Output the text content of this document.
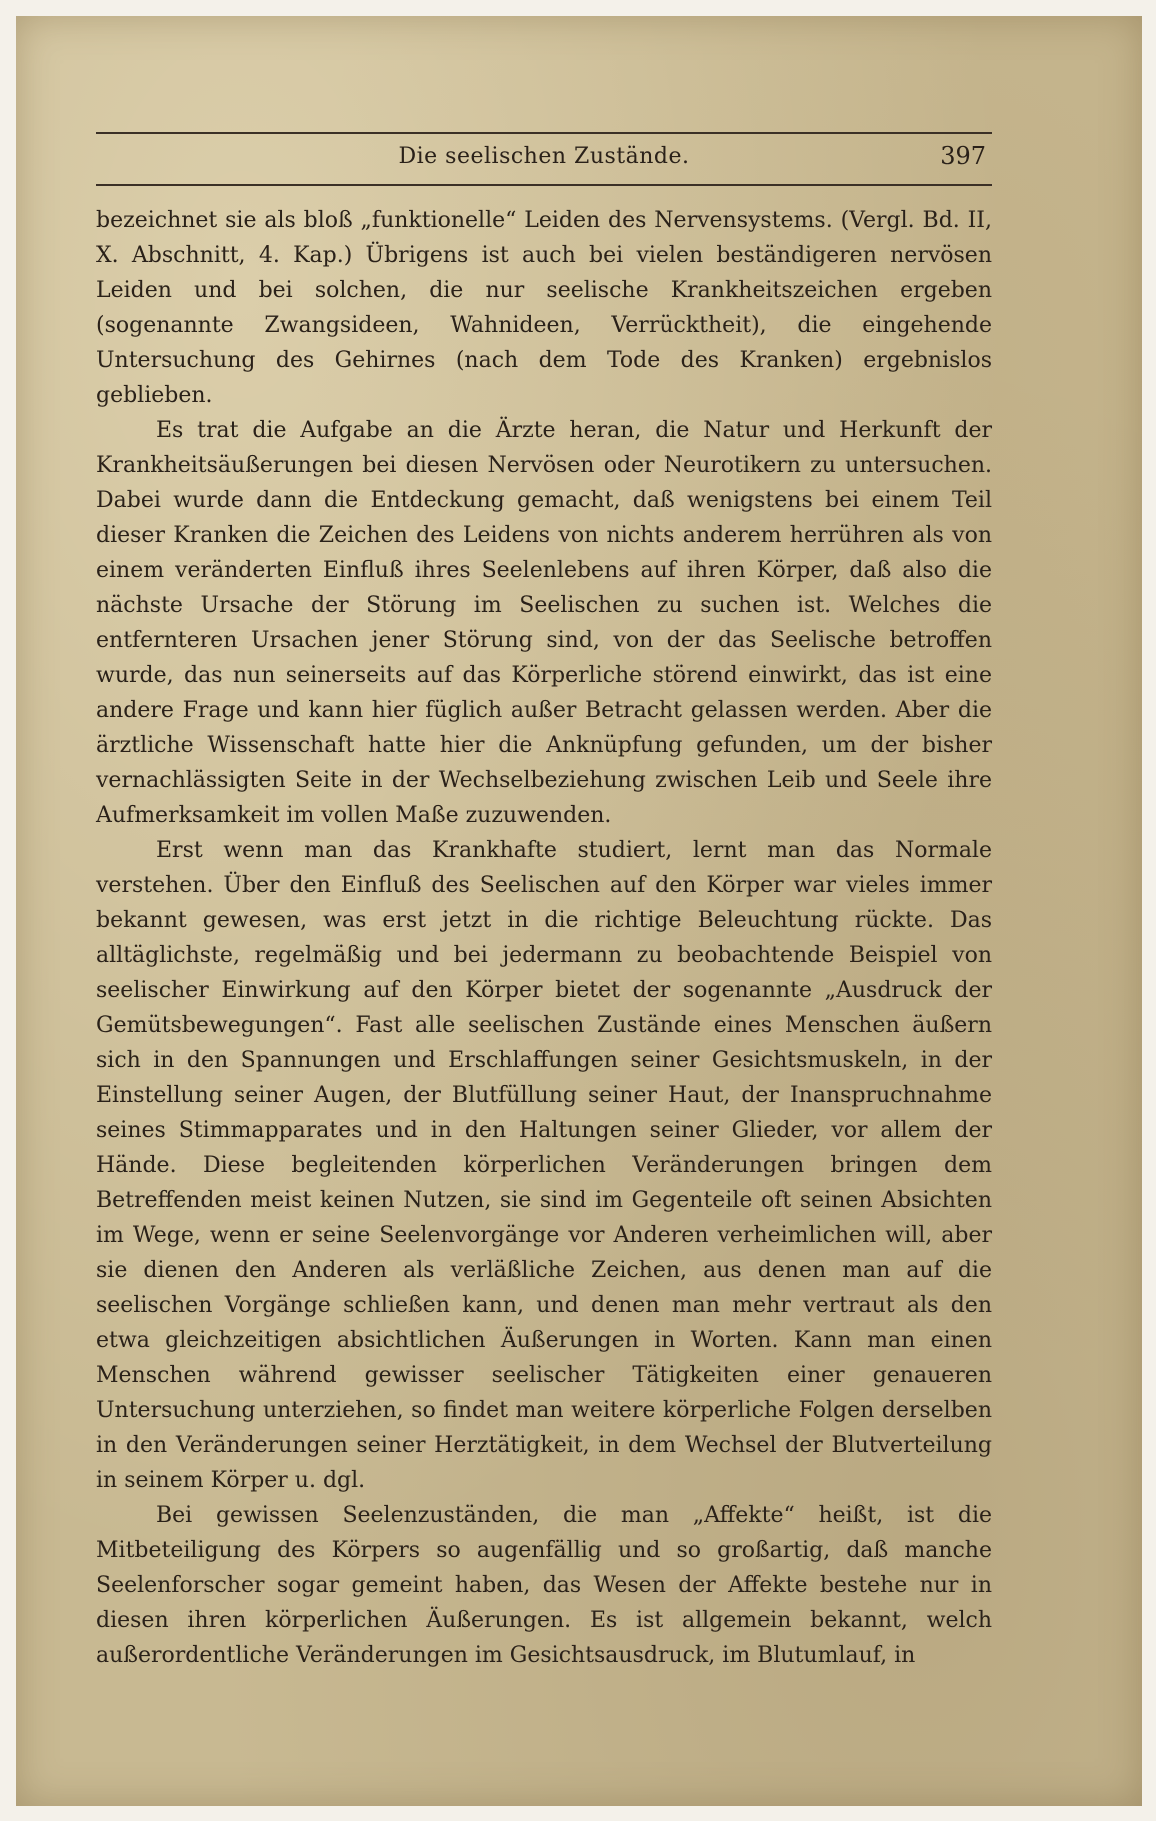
Die seelischen Zustände.	397

bezeichnet sie als bloß „funktionelle“ Leiden des Nervensystems. (Vergl. Bd. II, X. Abschnitt, 4. Kap.) Übrigens ist auch bei vielen beständigeren nervösen Leiden und bei solchen, die nur seelische Krankheitszeichen ergeben (sogenannte Zwangsideen, Wahnideen, Verrücktheit), die eingehende Untersuchung des Gehirnes (nach dem Tode des Kranken) ergebnislos geblieben.

Es trat die Aufgabe an die Ärzte heran, die Natur und Herkunft der Krankheitsäußerungen bei diesen Nervösen oder Neurotikern zu untersuchen. Dabei wurde dann die Entdeckung gemacht, daß wenigstens bei einem Teil dieser Kranken die Zeichen des Leidens von nichts anderem herrühren als von einem veränderten Einfluß ihres Seelenlebens auf ihren Körper, daß also die nächste Ursache der Störung im Seelischen zu suchen ist. Welches die entfernteren Ursachen jener Störung sind, von der das Seelische betroffen wurde, das nun seinerseits auf das Körperliche störend einwirkt, das ist eine andere Frage und kann hier füglich außer Betracht gelassen werden. Aber die ärztliche Wissenschaft hatte hier die Anknüpfung gefunden, um der bisher vernachlässigten Seite in der Wechselbeziehung zwischen Leib und Seele ihre Aufmerksamkeit im vollen Maße zuzuwenden.

Erst wenn man das Krankhafte studiert, lernt man das Normale verstehen. Über den Einfluß des Seelischen auf den Körper war vieles immer bekannt gewesen, was erst jetzt in die richtige Beleuchtung rückte. Das alltäglichste, regelmäßig und bei jedermann zu beobachtende Beispiel von seelischer Einwirkung auf den Körper bietet der sogenannte „Ausdruck der Gemütsbewegungen“. Fast alle seelischen Zustände eines Menschen äußern sich in den Spannungen und Erschlaffungen seiner Gesichtsmuskeln, in der Einstellung seiner Augen, der Blutfüllung seiner Haut, der Inanspruchnahme seines Stimmapparates und in den Haltungen seiner Glieder, vor allem der Hände. Diese begleitenden körperlichen Veränderungen bringen dem Betreffenden meist keinen Nutzen, sie sind im Gegenteile oft seinen Absichten im Wege, wenn er seine Seelenvorgänge vor Anderen verheimlichen will, aber sie dienen den Anderen als verläßliche Zeichen, aus denen man auf die seelischen Vorgänge schließen kann, und denen man mehr vertraut als den etwa gleichzeitigen absichtlichen Äußerungen in Worten. Kann man einen Menschen während gewisser seelischer Tätigkeiten einer genaueren Untersuchung unterziehen, so findet man weitere körperliche Folgen derselben in den Veränderungen seiner Herztätigkeit, in dem Wechsel der Blutverteilung in seinem Körper u. dgl.

Bei gewissen Seelenzuständen, die man „Affekte“ heißt, ist die Mitbeteiligung des Körpers so augenfällig und so großartig, daß manche Seelenforscher sogar gemeint haben, das Wesen der Affekte bestehe nur in diesen ihren körperlichen Äußerungen. Es ist allgemein bekannt, welch außerordentliche Veränderungen im Gesichtsausdruck, im Blutumlauf, in
